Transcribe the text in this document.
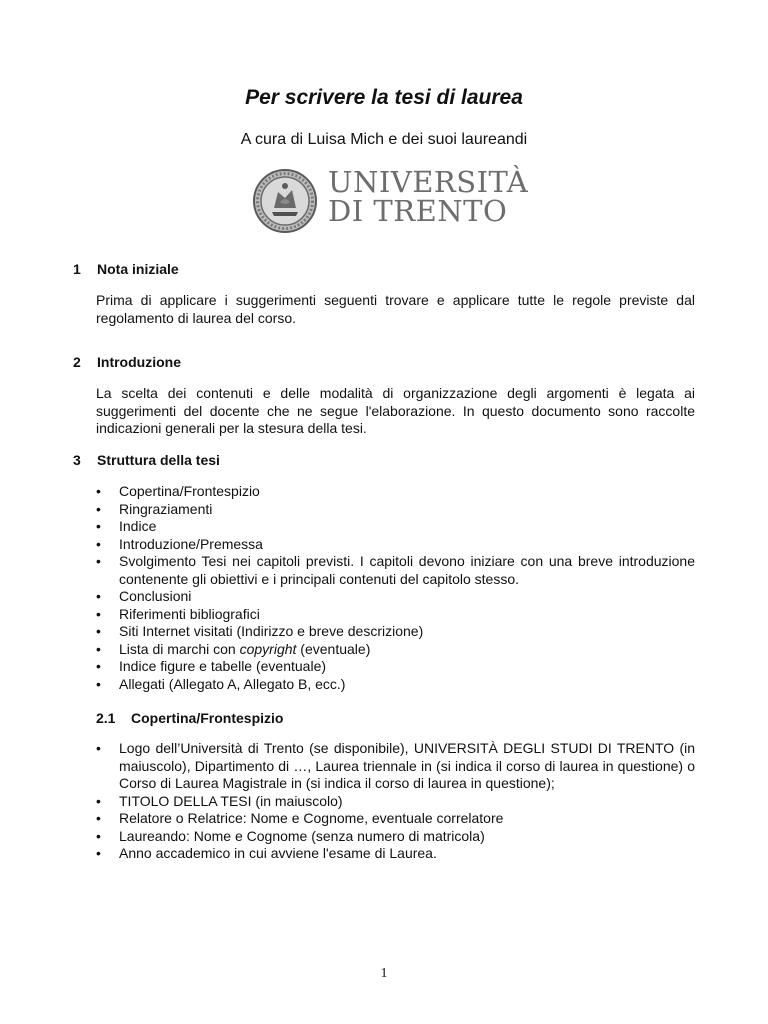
Per scrivere la tesi di laurea

A cura di Luisa Mich e dei suoi laureandi

UNIVERSITÀ
DI TRENTO
1 Nota iniziale

Prima di applicare i suggerimenti seguenti trovare e applicare tutte le regole previste dal regolamento di laurea del corso.

2 Introduzione

La scelta dei contenuti e delle modalità di organizzazione degli argomenti è legata ai suggerimenti del docente che ne segue l'elaborazione. In questo documento sono raccolte indicazioni generali per la stesura della tesi.

3 Struttura della tesi
• Copertina/Frontespizio
• Ringraziamenti
• Indice
• Introduzione/Premessa
• Svolgimento Tesi nei capitoli previsti. I capitoli devono iniziare con una breve introduzione contenente gli obiettivi e i principali contenuti del capitolo stesso.
• Conclusioni
• Riferimenti bibliografici
• Siti Internet visitati (Indirizzo e breve descrizione)
• Lista di marchi con copyright (eventuale)
• Indice figure e tabelle (eventuale)
• Allegati (Allegato A, Allegato B, ecc.)
2.1 Copertina/Frontespizio
• Logo dell’Università di Trento (se disponibile), UNIVERSITÀ DEGLI STUDI DI TRENTO (in maiuscolo), Dipartimento di …, Laurea triennale in (si indica il corso di laurea in questione) o Corso di Laurea Magistrale in (si indica il corso di laurea in questione);
• TITOLO DELLA TESI (in maiuscolo)
• Relatore o Relatrice: Nome e Cognome, eventuale correlatore
• Laureando: Nome e Cognome (senza numero di matricola)
• Anno accademico in cui avviene l'esame di Laurea.
1
